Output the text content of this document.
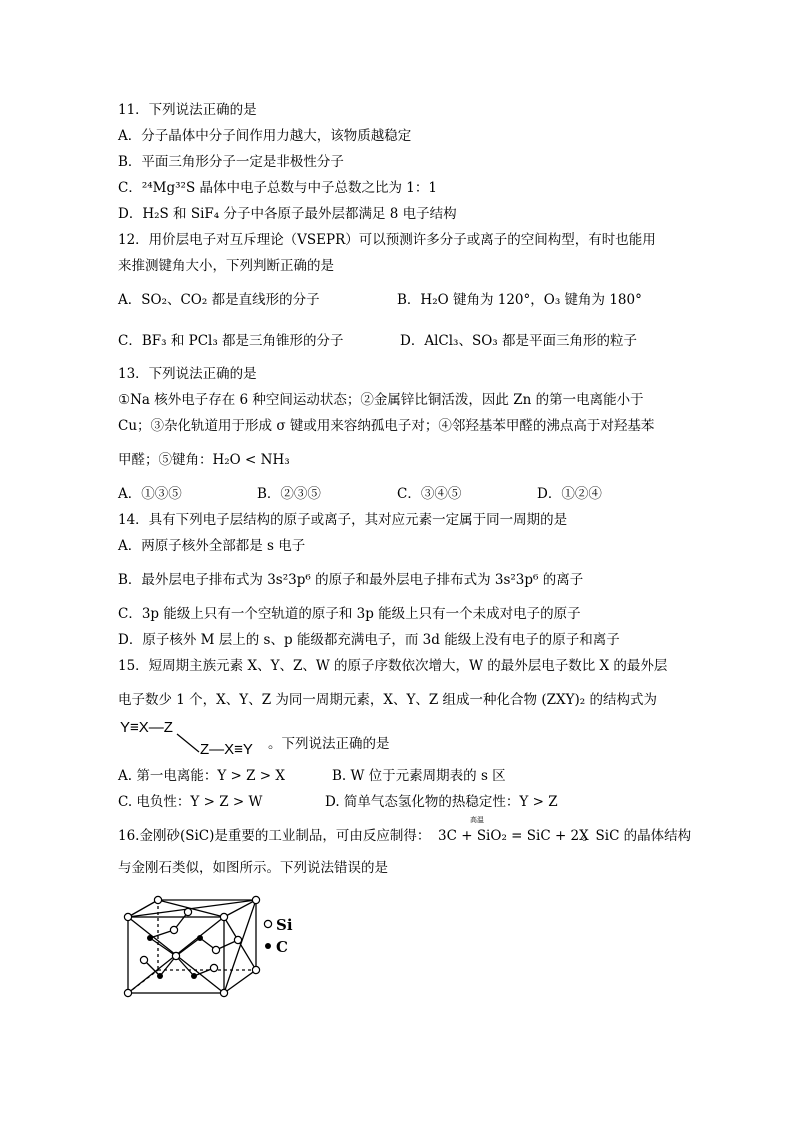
11．下列说法正确的是
A．分子晶体中分子间作用力越大，该物质越稳定
B．平面三角形分子一定是非极性分子
C．²⁴Mg³²S 晶体中电子总数与中子总数之比为 1：1
D．H₂S 和 SiF₄ 分子中各原子最外层都满足 8 电子结构
12．用价层电子对互斥理论（VSEPR）可以预测许多分子或离子的空间构型，有时也能用
来推测键角大小，下列判断正确的是
A．SO₂、CO₂ 都是直线形的分子	B．H₂O 键角为 120°，O₃ 键角为 180°
C．BF₃ 和 PCl₃ 都是三角锥形的分子	D．AlCl₃、SO₃ 都是平面三角形的粒子
13．下列说法正确的是
①Na 核外电子存在 6 种空间运动状态；②金属锌比铜活泼，因此 Zn 的第一电离能小于
Cu；③杂化轨道用于形成 σ 键或用来容纳孤电子对；④邻羟基苯甲醛的沸点高于对羟基苯
甲醛；⑤键角：H₂O < NH₃
A．①③⑤	B．②③⑤	C．③④⑤	D．①②④
14．具有下列电子层结构的原子或离子，其对应元素一定属于同一周期的是
A．两原子核外全部都是 s 电子
B．最外层电子排布式为 3s²3p⁶ 的原子和最外层电子排布式为 3s²3p⁶ 的离子
C．3p 能级上只有一个空轨道的原子和 3p 能级上只有一个未成对电子的原子
D．原子核外 M 层上的 s、p 能级都充满电子，而 3d 能级上没有电子的原子和离子
15．短周期主族元素 X、Y、Z、W 的原子序数依次增大，W 的最外层电子数比 X 的最外层
电子数少 1 个，X、Y、Z 为同一周期元素，X、Y、Z 组成一种化合物 (ZXY)₂ 的结构式为
Y≡X—Z
Z—X≡Y 。下列说法正确的是
A. 第一电离能：Y > Z > X	B. W 位于元素周期表的 s 区
C. 电负性：Y > Z > W	D. 简单气态氢化物的热稳定性：Y > Z
16.金刚砂(SiC)是重要的工业制品，可由反应制得：
高温
3C + SiO₂ = SiC + 2X
。SiC 的晶体结构
与金刚石类似，如图所示。下列说法错误的是
Si
C
